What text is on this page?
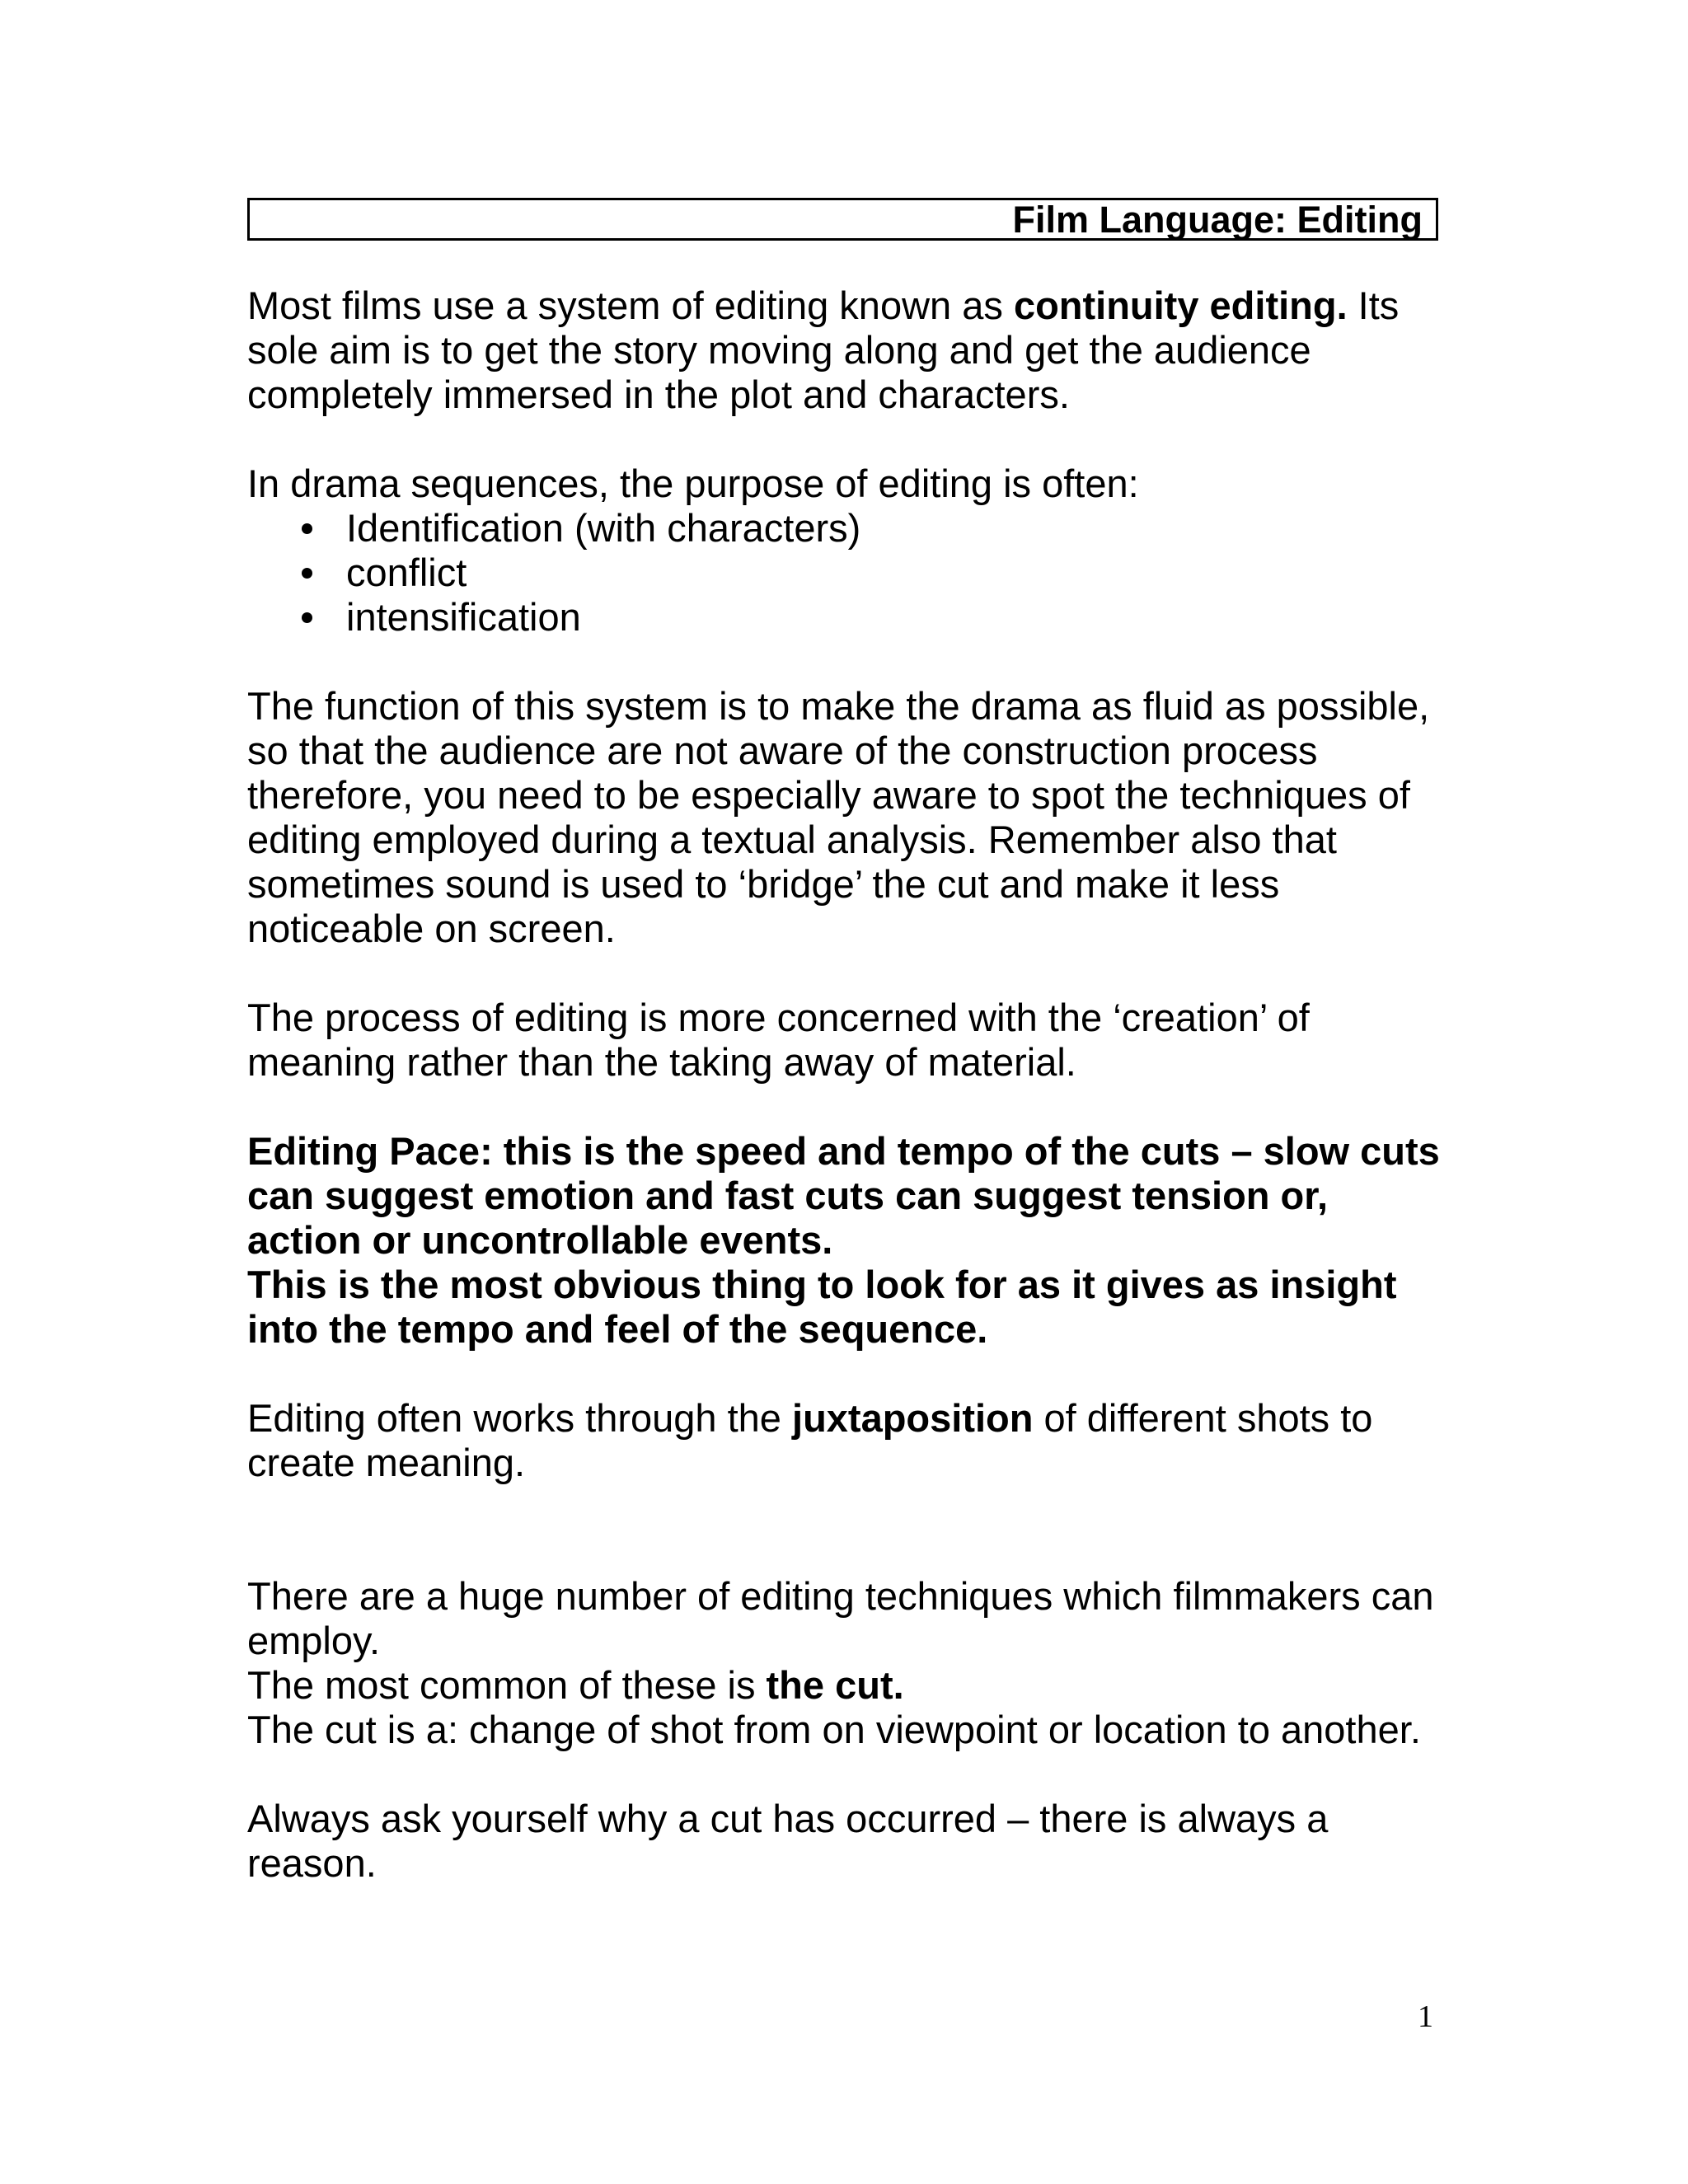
Film Language: Editing

Most films use a system of editing known as continuity editing. Its

sole aim is to get the story moving along and get the audience

completely immersed in the plot and characters.

In drama sequences, the purpose of editing is often:

Identification (with characters)
conflict
intensification

The function of this system is to make the drama as fluid as possible,

so that the audience are not aware of the construction process

therefore, you need to be especially aware to spot the techniques of

editing employed during a textual analysis. Remember also that

sometimes sound is used to ‘bridge’ the cut and make it less

noticeable on screen.

The process of editing is more concerned with the ‘creation’ of

meaning rather than the taking away of material.

Editing Pace: this is the speed and tempo of the cuts – slow cuts

can suggest emotion and fast cuts can suggest tension or,

action or uncontrollable events.

This is the most obvious thing to look for as it gives as insight

into the tempo and feel of the sequence.

Editing often works through the juxtaposition of different shots to

create meaning.

There are a huge number of editing techniques which filmmakers can

employ.

The most common of these is the cut.

The cut is a: change of shot from on viewpoint or location to another.

Always ask yourself why a cut has occurred – there is always a

reason.

1
